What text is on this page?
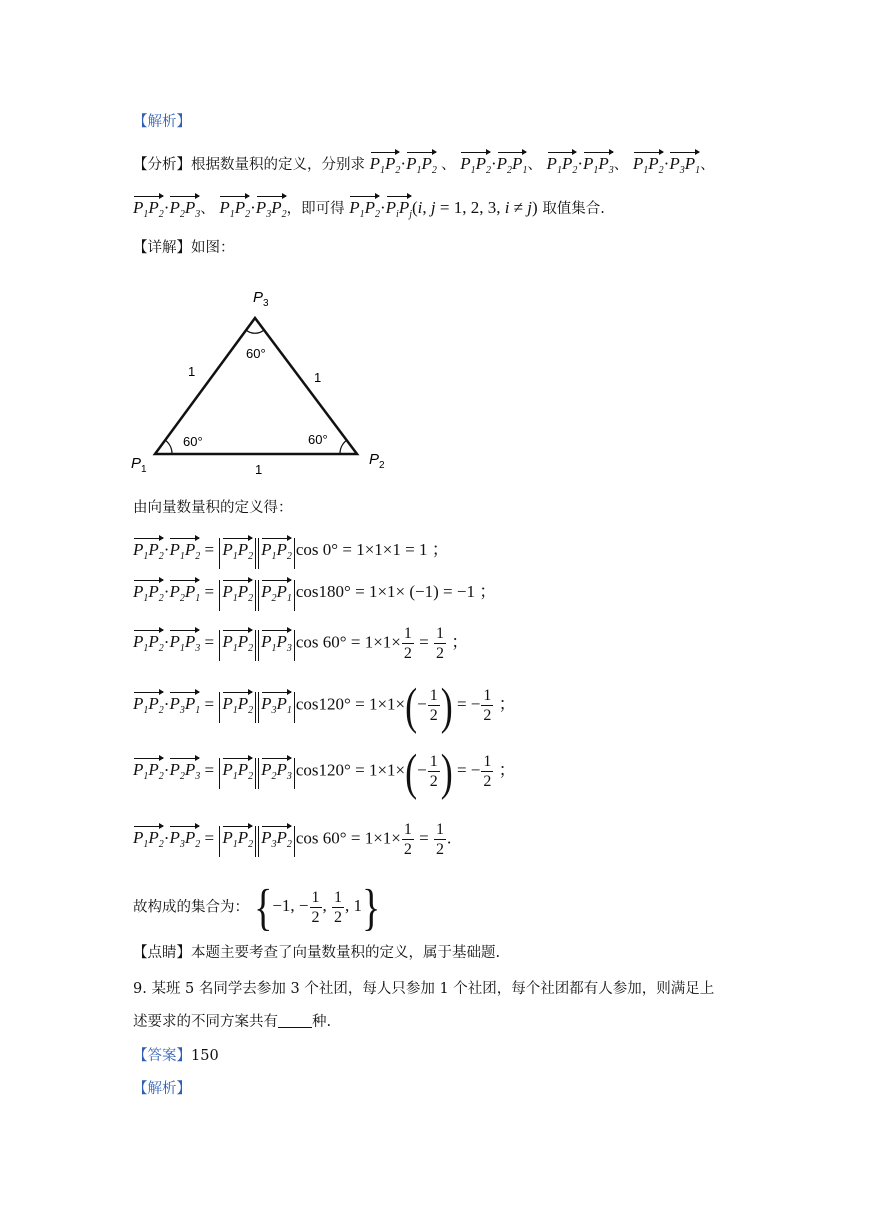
【解析】
【分析】根据数量积的定义，分别求 $P_1P_2\cdot P_1P_2$ 、 $P_1P_2\cdot P_2P_1$、 $P_1P_2\cdot P_1P_3$、 $P_1P_2\cdot P_3P_1$、
$P_1P_2\cdot P_2P_3$、 $P_1P_2\cdot P_3P_2$，即可得 $P_1P_2\cdot P_iP_j(i$, j = 1, 2, 3, i ≠ j) 取值集合.
【详解】如图：
$P_3$
$P_1$
$P_2$
60°
60°	60°
1	1
1
由向量数量积的定义得：
$P_1P_2\cdot P_1P_2 = P_1P_2$ $P_1P_2$ cos 0° = 1×1×1 = 1 ；
$P_1P_2\cdot P_2P_1 = P_1P_2$ $P_2P_1$ cos180° = 1×1× (−1) = −1 ；
$P_1P_2\cdot P_1P_3 = P_1P_2$ $P_1P_3$ $\cos 60^\circ = 1\times 1\times \frac{1}{2} = \frac{1}{2}$ ；
$P_1P_2\cdot P_3P_1 = P_1P_2$ $P_3P_1$ $\cos 120^\circ = 1\times 1\times(- \frac{1}{2}$ ) = − $\frac{1}{2}$ ；
$P_1P_2\cdot P_2P_3 = P_1P_2$ $P_2P_3$ $\cos 120^\circ = 1\times 1\times(- \frac{1}{2}$ ) = − $\frac{1}{2}$ ；
$P_1P_2\cdot P_3P_2 = P_1P_2$ $P_3P_2$ $\cos 60^\circ = 1\times 1\times \frac{1}{2} = \frac{1}{2}$ .
故构成的集合为： {−1, − $\frac{1}{2}$ , $\frac{1}{2}$ , 1}
【点睛】本题主要考查了向量数量积的定义，属于基础题.
9. 某班 5 名同学去参加 3 个社团，每人只参加 1 个社团，每个社团都有人参加，则满足上
述要求的不同方案共有 种.
【答案】150
【解析】
